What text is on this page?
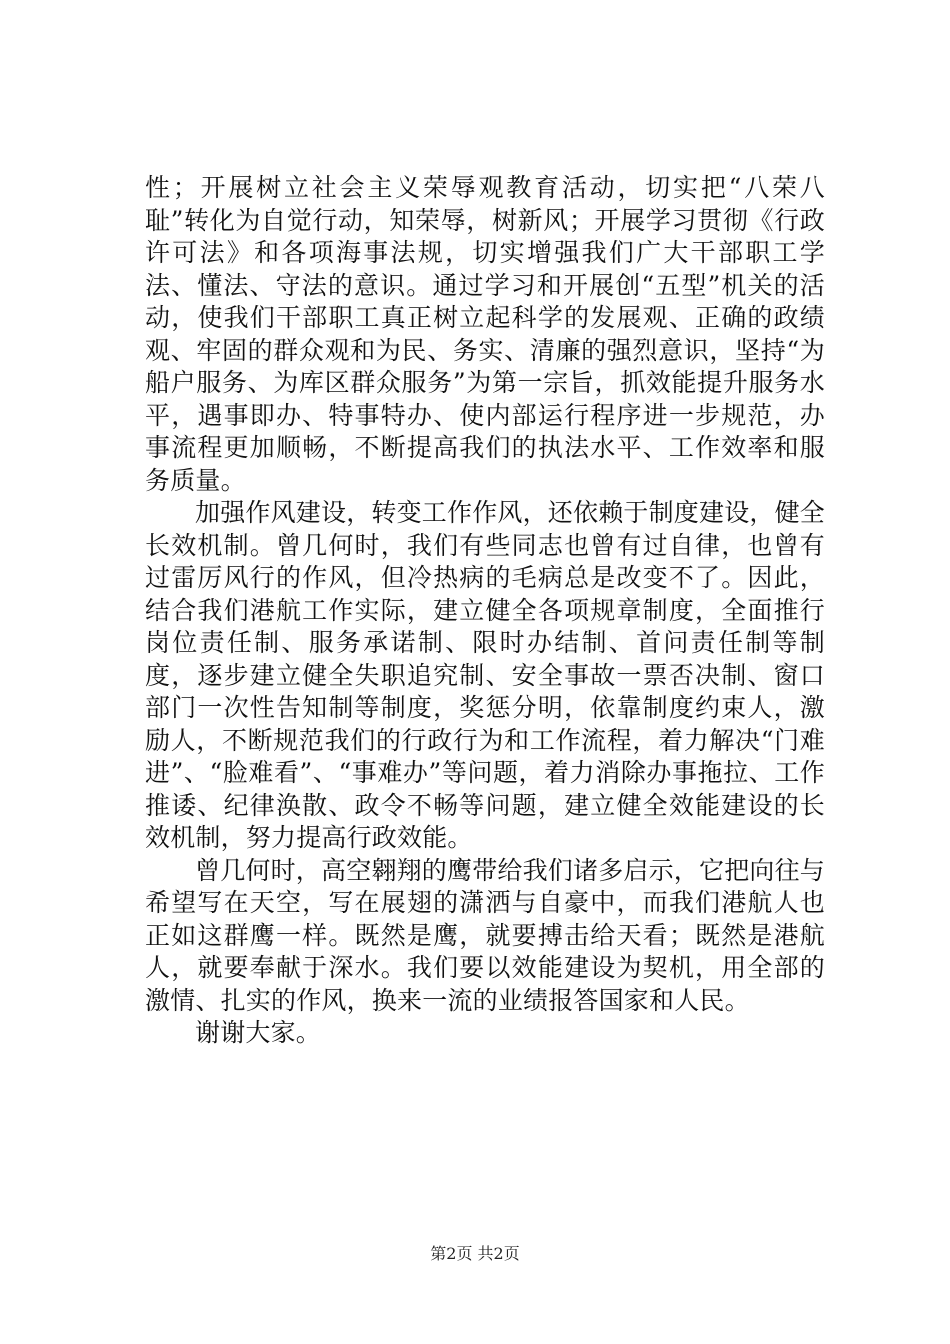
性；开展树立社会主义荣辱观教育活动，切实把“八荣八耻”转化为自觉行动，知荣辱，树新风；开展学习贯彻《行政许可法》和各项海事法规，切实增强我们广大干部职工学法、懂法、守法的意识。通过学习和开展创“五型”机关的活动，使我们干部职工真正树立起科学的发展观、正确的政绩观、牢固的群众观和为民、务实、清廉的强烈意识，坚持“为船户服务、为库区群众服务”为第一宗旨，抓效能提升服务水平，遇事即办、特事特办、使内部运行程序进一步规范，办事流程更加顺畅，不断提高我们的执法水平、工作效率和服务质量。

加强作风建设，转变工作作风，还依赖于制度建设，健全长效机制。曾几何时，我们有些同志也曾有过自律，也曾有过雷厉风行的作风，但冷热病的毛病总是改变不了。因此，结合我们港航工作实际，建立健全各项规章制度，全面推行岗位责任制、服务承诺制、限时办结制、首问责任制等制度，逐步建立健全失职追究制、安全事故一票否决制、窗口部门一次性告知制等制度，奖惩分明，依靠制度约束人，激励人，不断规范我们的行政行为和工作流程，着力解决“门难进”、“脸难看”、“事难办”等问题，着力消除办事拖拉、工作推诿、纪律涣散、政令不畅等问题，建立健全效能建设的长效机制，努力提高行政效能。

曾几何时，高空翱翔的鹰带给我们诸多启示，它把向往与希望写在天空，写在展翅的潇洒与自豪中，而我们港航人也正如这群鹰一样。既然是鹰，就要搏击给天看；既然是港航人，就要奉献于深水。我们要以效能建设为契机，用全部的激情、扎实的作风，换来一流的业绩报答国家和人民。

谢谢大家。

第2页 共2页
